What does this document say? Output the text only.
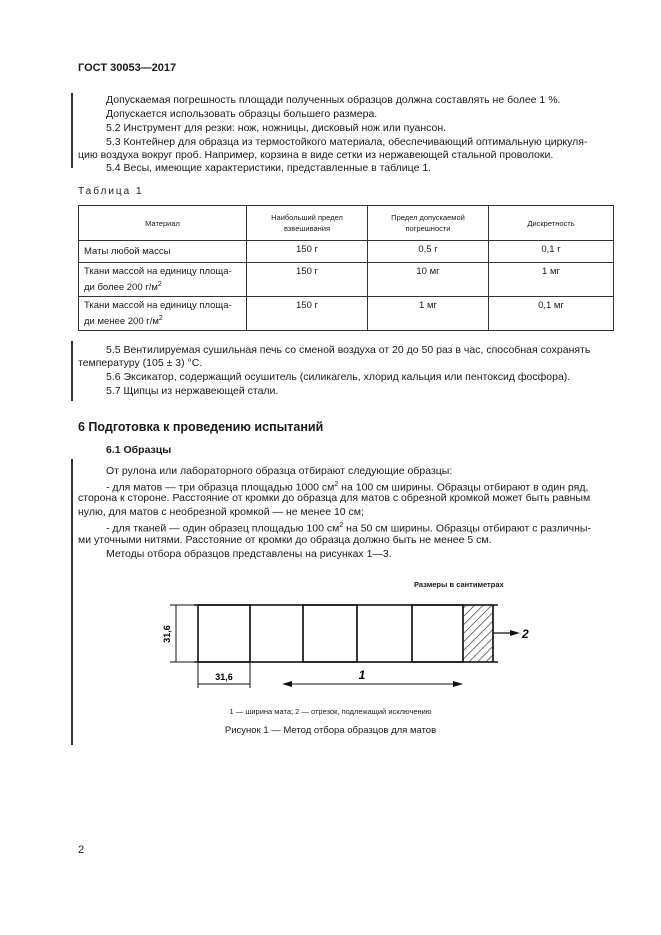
ГОСТ 30053—2017
Допускаемая погрешность площади полученных образцов должна составлять не более 1 %.
Допускается использовать образцы большего размера.
5.2 Инструмент для резки: нож, ножницы, дисковый нож или пуансон.
5.3 Контейнер для образца из термостойкого материала, обеспечивающий оптимальную циркуля-
цию воздуха вокруг проб. Например, корзина в виде сетки из нержавеющей стальной проволоки.
5.4 Весы, имеющие характеристики, представленные в таблице 1.
Таблица 1
Материал	Наибольший предел взвешивания	Предел допускаемой погрешности	Дискретность
Маты любой массы	150 г	0,5 г	0,1 г
Ткани массой на единицу площа-
ди более 200 $г/м^2$	150 г	10 мг	1 мг
Ткани массой на единицу площа-
ди менее 200 $г/м^2$	150 г	1 мг	0,1 мг
5.5 Вентилируемая сушильная печь со сменой воздуха от 20 до 50 раз в час, способная сохранять
температуру (105 ± 3) °С.
5.6 Эксикатор, содержащий осушитель (силикагель, хлорид кальция или пентоксид фосфора).
5.7 Щипцы из нержавеющей стали.
6 Подготовка к проведению испытаний
6.1 Образцы
От рулона или лабораторного образца отбирают следующие образцы:
- для матов — три образца площадью 1000 $см^2$ на 100 см ширины. Образцы отбирают в один ряд,
сторона к стороне. Расстояние от кромки до образца для матов с обрезной кромкой может быть равным
нулю, для матов с необрезной кромкой — не менее 10 см;
- для тканей — один образец площадью 100 $см^2$ на 50 см ширины. Образцы отбирают с различны-
ми уточными нитями. Расстояние от кромки до образца должно быть не менее 5 см.
Методы отбора образцов представлены на рисунках 1—3.
Размеры в сантиметрах
31,6
31,6	1
2
1 — ширина мата; 2 — отрезок, подлежащий исключению
Рисунок 1 — Метод отбора образцов для матов
2
